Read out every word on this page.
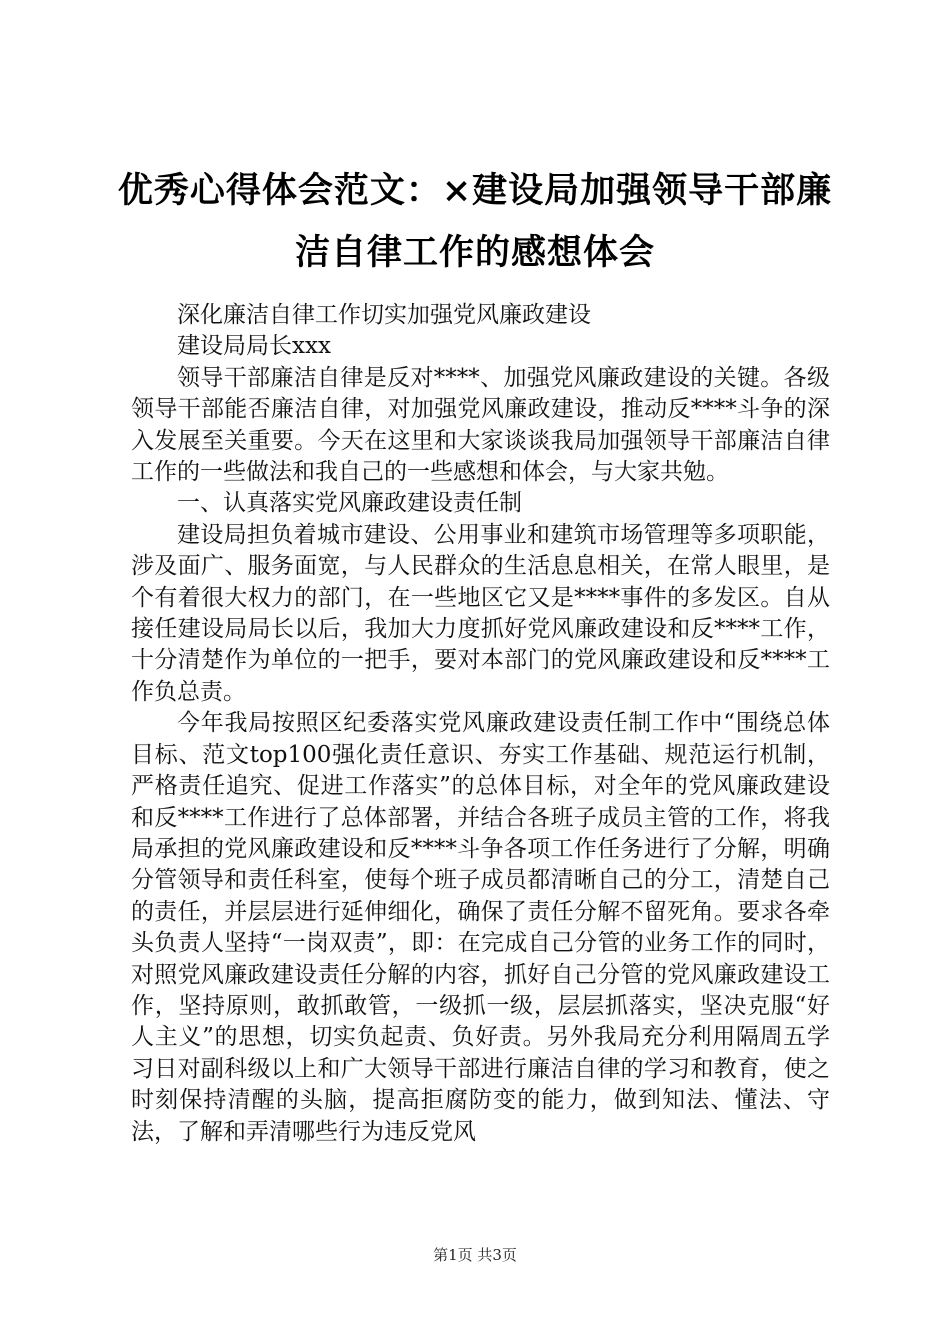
优秀心得体会范文：×建设局加强领导干部廉洁自律工作的感想体会

深化廉洁自律工作切实加强党风廉政建设

建设局局长xxx

领导干部廉洁自律是反对****、加强党风廉政建设的关键。各级领导干部能否廉洁自律，对加强党风廉政建设，推动反****斗争的深入发展至关重要。今天在这里和大家谈谈我局加强领导干部廉洁自律工作的一些做法和我自己的一些感想和体会，与大家共勉。

一、认真落实党风廉政建设责任制

建设局担负着城市建设、公用事业和建筑市场管理等多项职能，涉及面广、服务面宽，与人民群众的生活息息相关，在常人眼里，是个有着很大权力的部门，在一些地区它又是****事件的多发区。自从接任建设局局长以后，我加大力度抓好党风廉政建设和反****工作，十分清楚作为单位的一把手，要对本部门的党风廉政建设和反****工作负总责。

今年我局按照区纪委落实党风廉政建设责任制工作中“围绕总体目标、范文top100强化责任意识、夯实工作基础、规范运行机制，严格责任追究、促进工作落实”的总体目标，对全年的党风廉政建设和反****工作进行了总体部署，并结合各班子成员主管的工作，将我局承担的党风廉政建设和反****斗争各项工作任务进行了分解，明确分管领导和责任科室，使每个班子成员都清晰自己的分工，清楚自己的责任，并层层进行延伸细化，确保了责任分解不留死角。要求各牵头负责人坚持“一岗双责”，即：在完成自己分管的业务工作的同时，对照党风廉政建设责任分解的内容，抓好自己分管的党风廉政建设工作，坚持原则，敢抓敢管，一级抓一级，层层抓落实，坚决克服“好人主义”的思想，切实负起责、负好责。另外我局充分利用隔周五学习日对副科级以上和广大领导干部进行廉洁自律的学习和教育，使之时刻保持清醒的头脑，提高拒腐防变的能力，做到知法、懂法、守法，了解和弄清哪些行为违反党风

第1页 共3页
